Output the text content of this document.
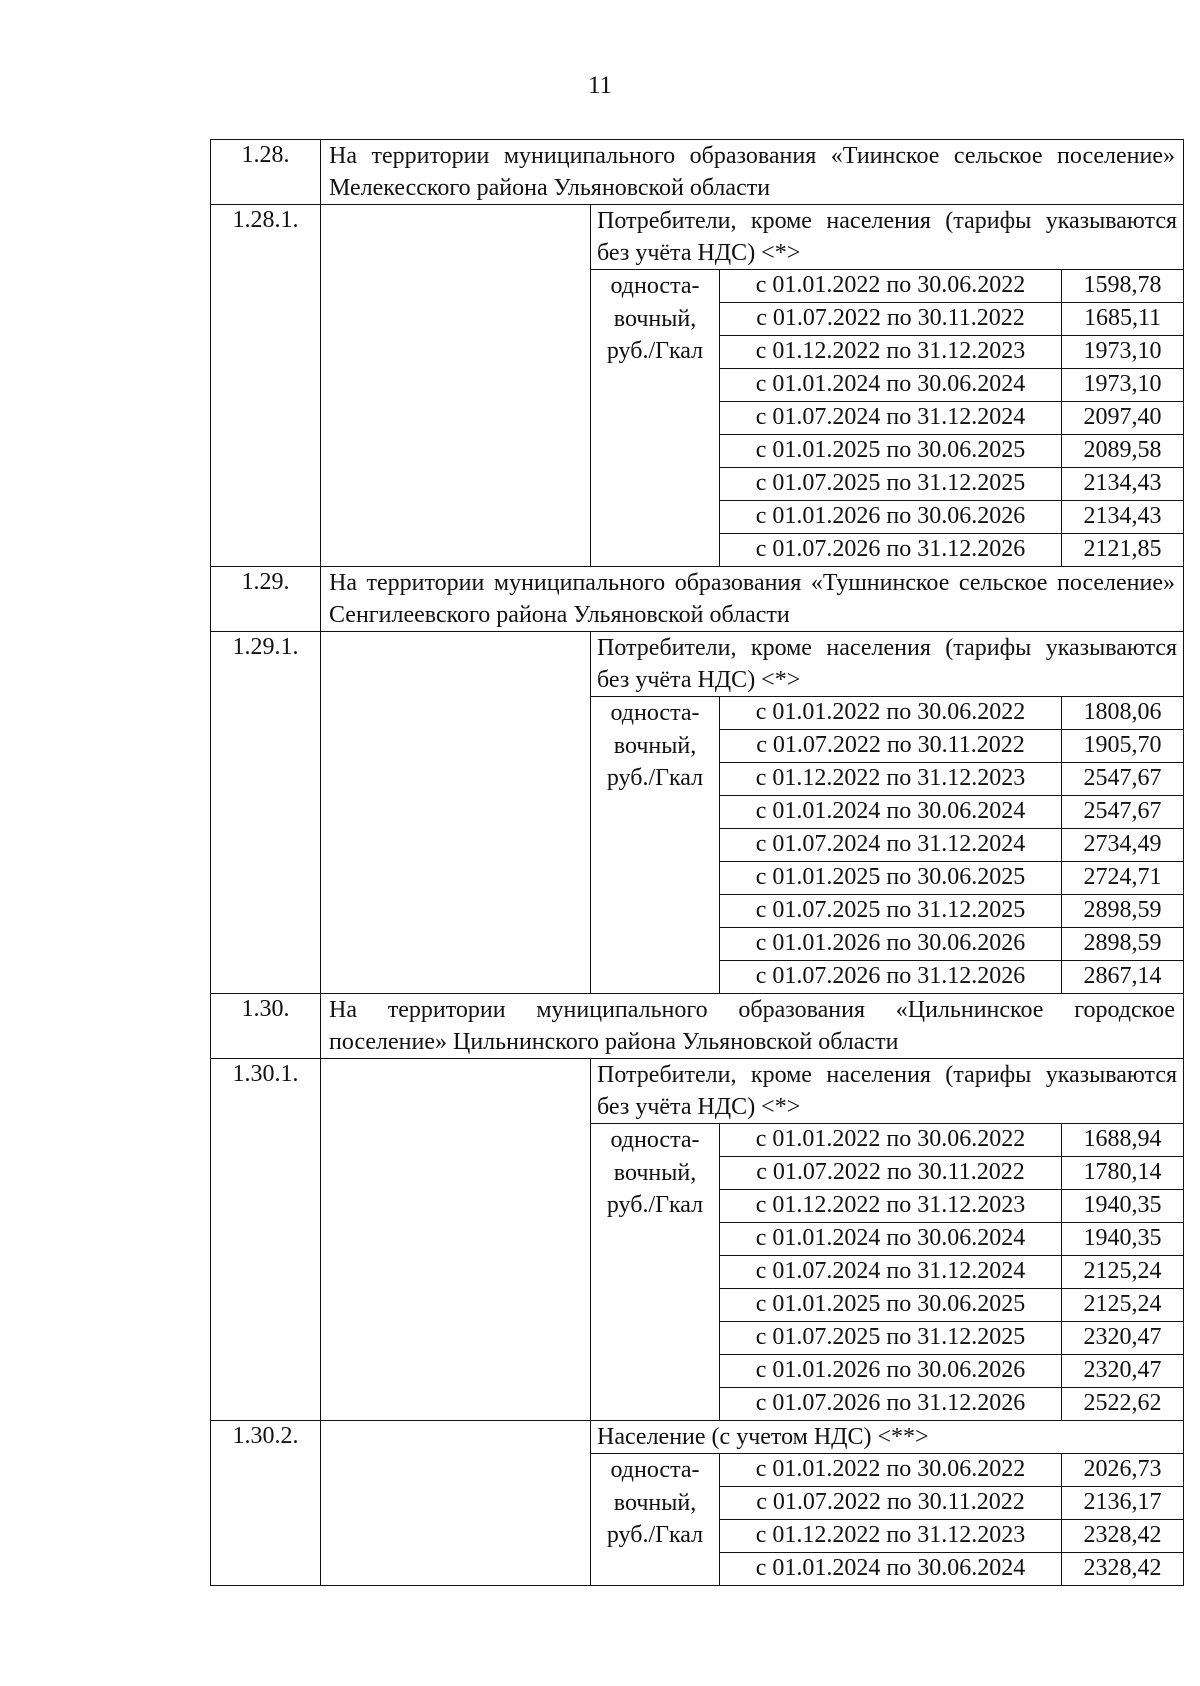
11
1.28.	На территории муниципального образования «Тиинское сельское поселение» Мелекесского района Ульяновской области			
1.28.1.		Потребители, кроме населения (тарифы указываются без учёта НДС) <*>		
		односта-вочный, руб./Гкал	с 01.01.2022 по 30.06.2022	1598,78
			с 01.07.2022 по 30.11.2022	1685,11
			с 01.12.2022 по 31.12.2023	1973,10
			с 01.01.2024 по 30.06.2024	1973,10
			с 01.07.2024 по 31.12.2024	2097,40
			с 01.01.2025 по 30.06.2025	2089,58
			с 01.07.2025 по 31.12.2025	2134,43
			с 01.01.2026 по 30.06.2026	2134,43
			с 01.07.2026 по 31.12.2026	2121,85
1.29.	На территории муниципального образования «Тушнинское сельское поселение» Сенгилеевского района Ульяновской области			
1.29.1.		Потребители, кроме населения (тарифы указываются без учёта НДС) <*>		
		односта-вочный, руб./Гкал	с 01.01.2022 по 30.06.2022	1808,06
			с 01.07.2022 по 30.11.2022	1905,70
			с 01.12.2022 по 31.12.2023	2547,67
			с 01.01.2024 по 30.06.2024	2547,67
			с 01.07.2024 по 31.12.2024	2734,49
			с 01.01.2025 по 30.06.2025	2724,71
			с 01.07.2025 по 31.12.2025	2898,59
			с 01.01.2026 по 30.06.2026	2898,59
			с 01.07.2026 по 31.12.2026	2867,14
1.30.	На территории муниципального образования «Цильнинское городское поселение» Цильнинского района Ульяновской области			
1.30.1.		Потребители, кроме населения (тарифы указываются без учёта НДС) <*>		
		односта-вочный, руб./Гкал	с 01.01.2022 по 30.06.2022	1688,94
			с 01.07.2022 по 30.11.2022	1780,14
			с 01.12.2022 по 31.12.2023	1940,35
			с 01.01.2024 по 30.06.2024	1940,35
			с 01.07.2024 по 31.12.2024	2125,24
			с 01.01.2025 по 30.06.2025	2125,24
			с 01.07.2025 по 31.12.2025	2320,47
			с 01.01.2026 по 30.06.2026	2320,47
			с 01.07.2026 по 31.12.2026	2522,62
1.30.2.		Население (с учетом НДС) <**>		
		односта-вочный, руб./Гкал	с 01.01.2022 по 30.06.2022	2026,73
			с 01.07.2022 по 30.11.2022	2136,17
			с 01.12.2022 по 31.12.2023	2328,42
			с 01.01.2024 по 30.06.2024	2328,42
